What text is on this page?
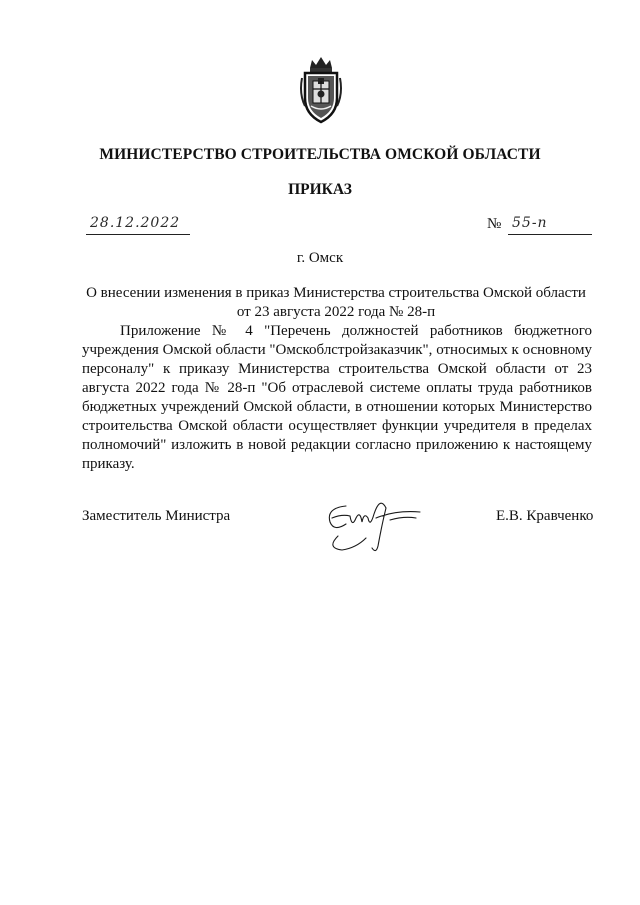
МИНИСТЕРСТВО СТРОИТЕЛЬСТВА ОМСКОЙ ОБЛАСТИ
ПРИКАЗ
28.12.2022	№ 55-п
г. Омск
О внесении изменения в приказ Министерства строительства Омской области
от 23 августа 2022 года № 28-п

Приложение № 4 "Перечень должностей работников бюджетного учреждения Омской области "Омскоблстройзаказчик", относимых к основному персоналу" к приказу Министерства строительства Омской области от 23 августа 2022 года № 28-п "Об отраслевой системе оплаты труда работников бюджетных учреждений Омской области, в отношении которых Министерство строительства Омской области осуществляет функции учредителя в пределах полномочий" изложить в новой редакции согласно приложению к настоящему приказу.

Заместитель Министра	Е.В. Кравченко
